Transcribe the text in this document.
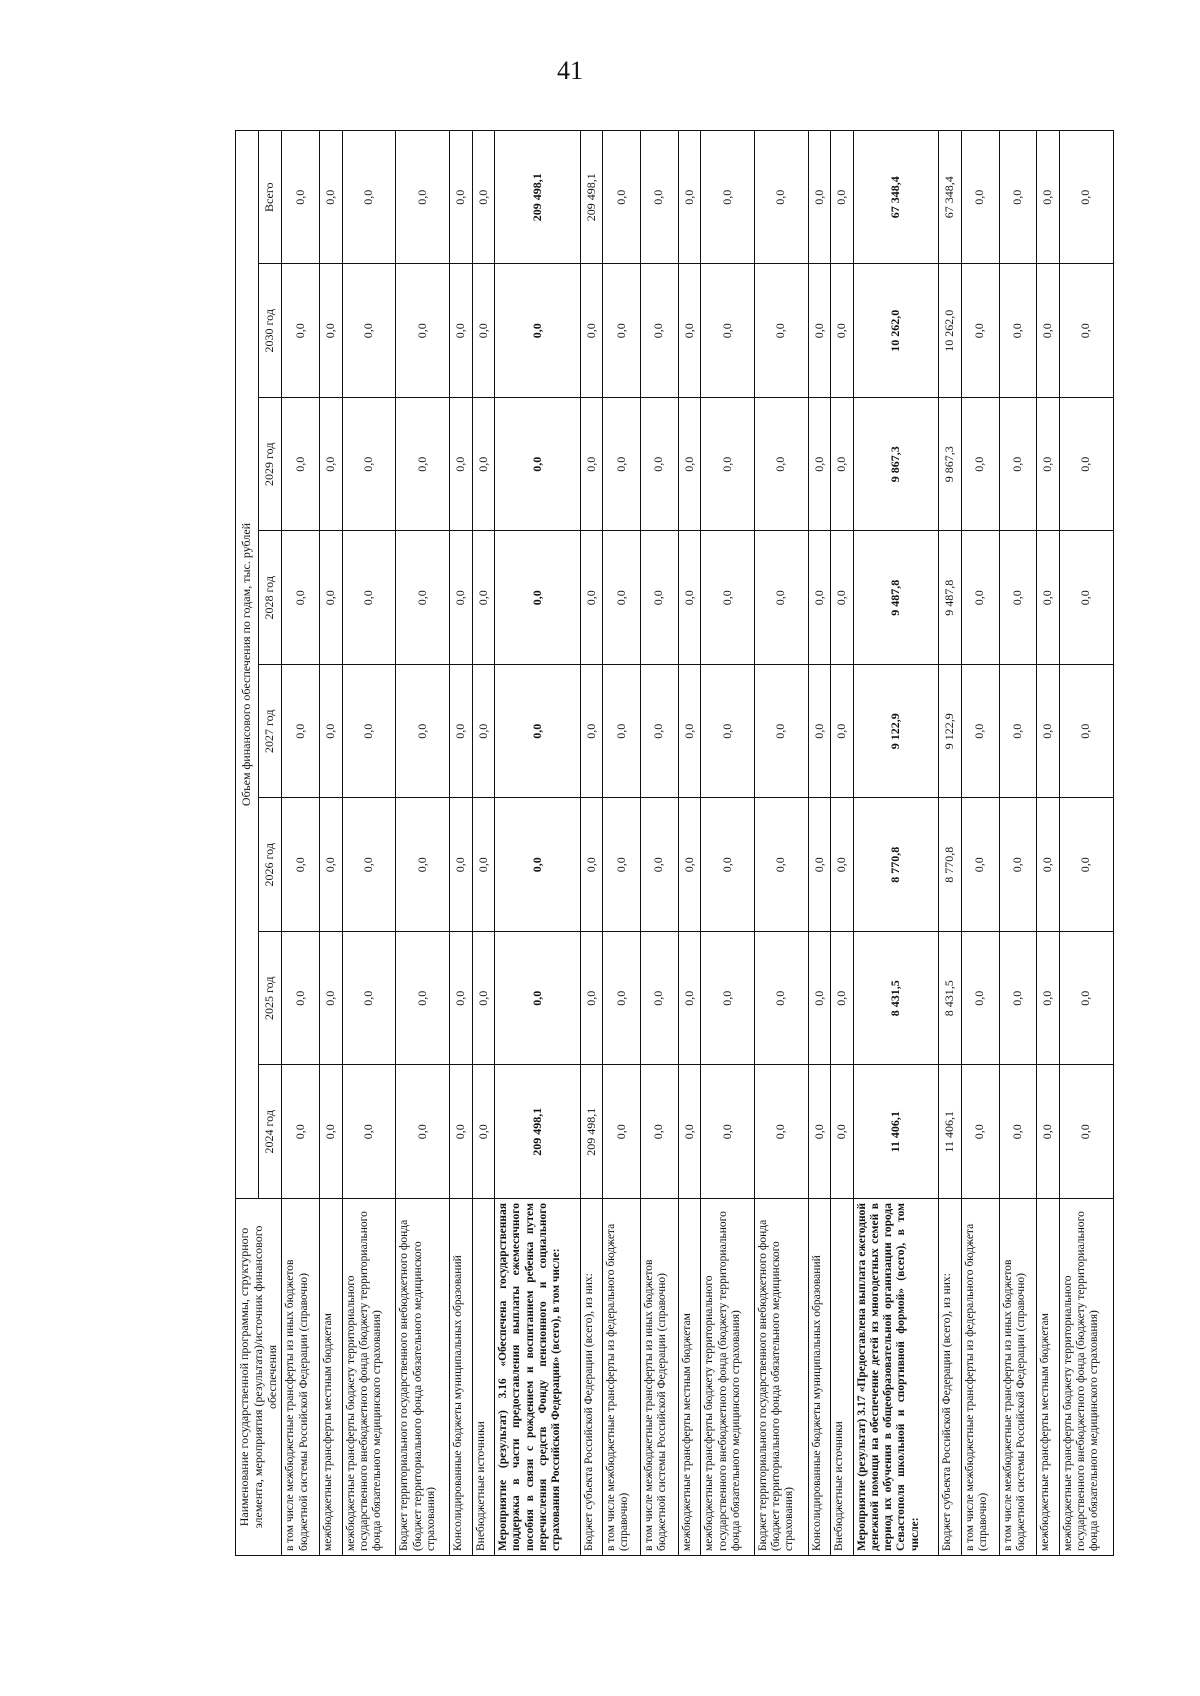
41
Наименование государственной программы, структурного элемента, мероприятия (результата)/источник финансового обеспечения	Объем финансового обеспечения по годам, тыс. рублей							
	2024 год	2025 год	2026 год	2027 год	2028 год	2029 год	2030 год	Всего
в том числе межбюджетные трансферты из иных бюджетов бюджетной системы Российской Федерации (справочно)	0,0	0,0	0,0	0,0	0,0	0,0	0,0	0,0
межбюджетные трансферты местным бюджетам	0,0	0,0	0,0	0,0	0,0	0,0	0,0	0,0
межбюджетные трансферты бюджету территориального государственного внебюджетного фонда (бюджету территориального фонда обязательного медицинского страхования)	0,0	0,0	0,0	0,0	0,0	0,0	0,0	0,0
Бюджет территориального государственного внебюджетного фонда (бюджет территориального фонда обязательного медицинского страхования)	0,0	0,0	0,0	0,0	0,0	0,0	0,0	0,0
Консолидированные бюджеты муниципальных образований	0,0	0,0	0,0	0,0	0,0	0,0	0,0	0,0
Внебюджетные источники	0,0	0,0	0,0	0,0	0,0	0,0	0,0	0,0
Мероприятие (результат) 3.16 «Обеспечена государственная поддержка в части предоставления выплаты ежемесячного пособия в связи с рождением и воспитанием ребенка путем перечисления средств Фонду пенсионного и социального страхования Российской Федерации» (всего), в том числе:	209 498,1	0,0	0,0	0,0	0,0	0,0	0,0	209 498,1
Бюджет субъекта Российской Федерации (всего), из них:	209 498,1	0,0	0,0	0,0	0,0	0,0	0,0	209 498,1
в том числе межбюджетные трансферты из федерального бюджета (справочно)	0,0	0,0	0,0	0,0	0,0	0,0	0,0	0,0
в том числе межбюджетные трансферты из иных бюджетов бюджетной системы Российской Федерации (справочно)	0,0	0,0	0,0	0,0	0,0	0,0	0,0	0,0
межбюджетные трансферты местным бюджетам	0,0	0,0	0,0	0,0	0,0	0,0	0,0	0,0
межбюджетные трансферты бюджету территориального государственного внебюджетного фонда (бюджету территориального фонда обязательного медицинского страхования)	0,0	0,0	0,0	0,0	0,0	0,0	0,0	0,0
Бюджет территориального государственного внебюджетного фонда (бюджет территориального фонда обязательного медицинского страхования)	0,0	0,0	0,0	0,0	0,0	0,0	0,0	0,0
Консолидированные бюджеты муниципальных образований	0,0	0,0	0,0	0,0	0,0	0,0	0,0	0,0
Внебюджетные источники	0,0	0,0	0,0	0,0	0,0	0,0	0,0	0,0
Мероприятие (результат) 3.17 «Предоставлена выплата ежегодной денежной помощи на обеспечение детей из многодетных семей в период их обучения в общеобразовательной организации города Севастополя школьной и спортивной формой» (всего), в том числе:	11 406,1	8 431,5	8 770,8	9 122,9	9 487,8	9 867,3	10 262,0	67 348,4
Бюджет субъекта Российской Федерации (всего), из них:	11 406,1	8 431,5	8 770,8	9 122,9	9 487,8	9 867,3	10 262,0	67 348,4
в том числе межбюджетные трансферты из федерального бюджета (справочно)	0,0	0,0	0,0	0,0	0,0	0,0	0,0	0,0
в том числе межбюджетные трансферты из иных бюджетов бюджетной системы Российской Федерации (справочно)	0,0	0,0	0,0	0,0	0,0	0,0	0,0	0,0
межбюджетные трансферты местным бюджетам	0,0	0,0	0,0	0,0	0,0	0,0	0,0	0,0
межбюджетные трансферты бюджету территориального государственного внебюджетного фонда (бюджету территориального фонда обязательного медицинского страхования)	0,0	0,0	0,0	0,0	0,0	0,0	0,0	0,0
